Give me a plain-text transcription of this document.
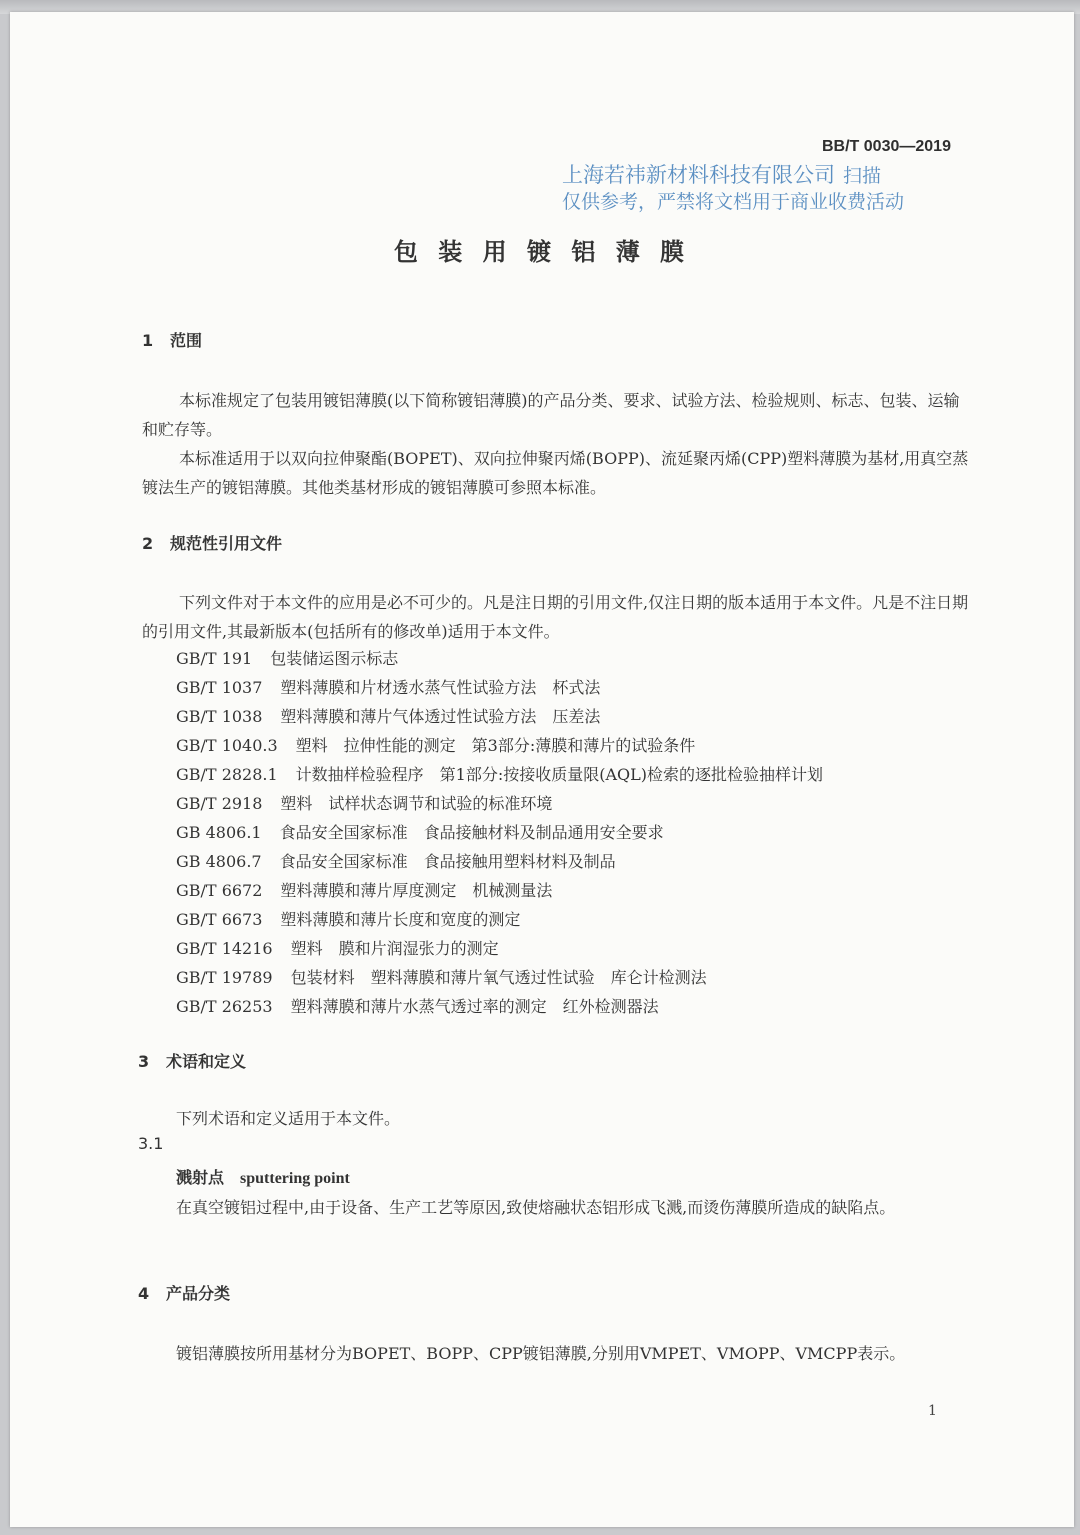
BB/T 0030—2019
上海若祎新材料科技有限公司 扫描
仅供参考，严禁将文档用于商业收费活动
包 装 用 镀 铝 薄 膜
1 范围
本标准规定了包装用镀铝薄膜(以下简称镀铝薄膜)的产品分类、要求、试验方法、检验规则、标志、包装、运输和贮存等。
本标准适用于以双向拉伸聚酯(BOPET)、双向拉伸聚丙烯(BOPP)、流延聚丙烯(CPP)塑料薄膜为基材,用真空蒸镀法生产的镀铝薄膜。其他类基材形成的镀铝薄膜可参照本标准。
2 规范性引用文件
下列文件对于本文件的应用是必不可少的。凡是注日期的引用文件,仅注日期的版本适用于本文件。凡是不注日期的引用文件,其最新版本(包括所有的修改单)适用于本文件。
GB/T 191 包装储运图示标志
GB/T 1037 塑料薄膜和片材透水蒸气性试验方法　杯式法
GB/T 1038 塑料薄膜和薄片气体透过性试验方法　压差法
GB/T 1040.3 塑料　拉伸性能的测定　第3部分:薄膜和薄片的试验条件
GB/T 2828.1 计数抽样检验程序　第1部分:按接收质量限(AQL)检索的逐批检验抽样计划
GB/T 2918 塑料　试样状态调节和试验的标准环境
GB 4806.1 食品安全国家标准　食品接触材料及制品通用安全要求
GB 4806.7 食品安全国家标准　食品接触用塑料材料及制品
GB/T 6672 塑料薄膜和薄片厚度测定　机械测量法
GB/T 6673 塑料薄膜和薄片长度和宽度的测定
GB/T 14216 塑料　膜和片润湿张力的测定
GB/T 19789 包装材料　塑料薄膜和薄片氧气透过性试验　库仑计检测法
GB/T 26253 塑料薄膜和薄片水蒸气透过率的测定　红外检测器法
3 术语和定义
下列术语和定义适用于本文件。
3.1
溅射点 sputtering point
在真空镀铝过程中,由于设备、生产工艺等原因,致使熔融状态铝形成飞溅,而烫伤薄膜所造成的缺陷点。
4 产品分类
镀铝薄膜按所用基材分为BOPET、BOPP、CPP镀铝薄膜,分别用VMPET、VMOPP、VMCPP表示。
1
